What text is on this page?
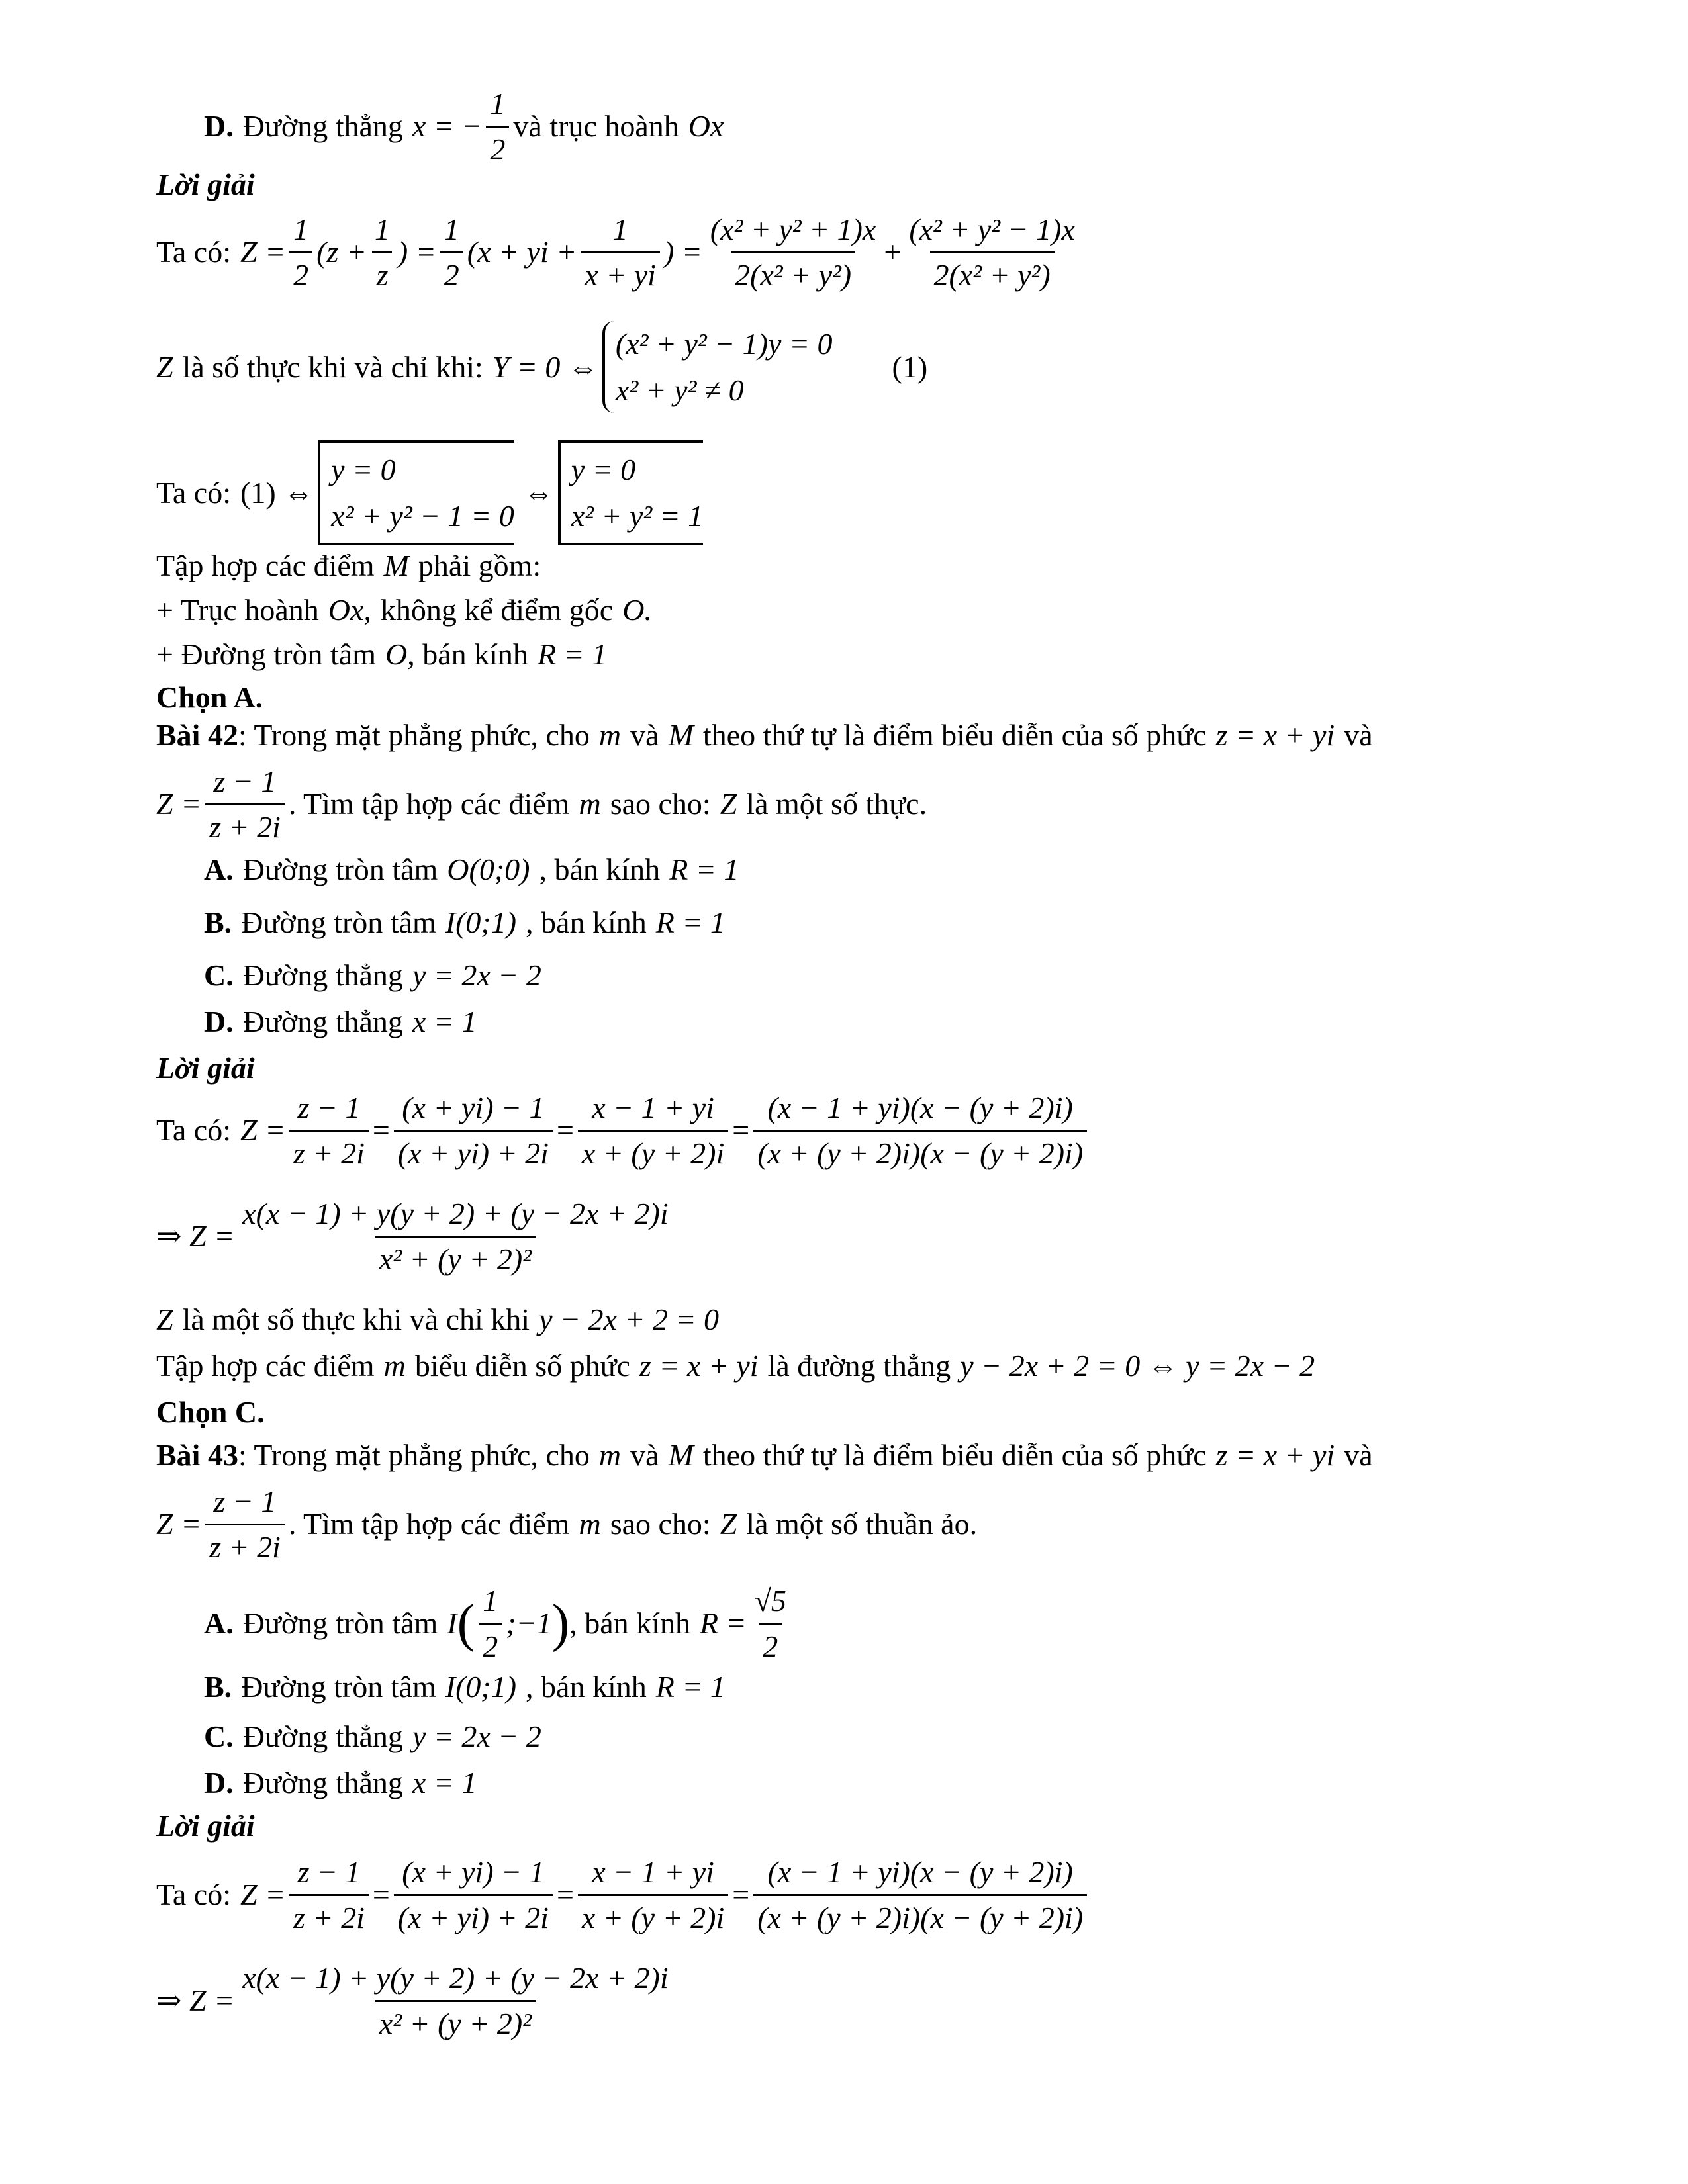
D. Đường thẳng x = − $\frac{1}{2}$ và trục hoành Ox
Lời giải
Ta có: $Z = \frac{1}{2} (z + \frac{1}{z}$ ) = $\frac{1}{2} (x$ + yi + $\frac{1}{x + yi}$ ) = $\frac{\text{(x² + y² + 1)x}}{\text{2(x² + y²)}} + \frac{\text{(x² + y² − 1)x}}{\text{2(x² + y²)}}$
Z là số thực khi và chỉ khi: Y = 0 ⇔
(x² + y² − 1)y = 0
x² + y² ≠ 0
(1)
Ta có: (1) ⇔
y = 0
x² + y² − 1 = 0
⇔
y = 0
x² + y² = 1
Tập hợp các điểm M phải gồm:
+ Trục hoành Ox, không kể điểm gốc O.
+ Đường tròn tâm O , bán kính R = 1
Chọn A.
Bài 42 : Trong mặt phẳng phức, cho m và M theo thứ tự là điểm biểu diễn của số phức z = x + yi và
$Z = \frac{z - 1}{z + 2i}$ . Tìm tập hợp các điểm m sao cho: Z là một số thực.
A. Đường tròn tâm O(0;0) , bán kính R = 1
B. Đường tròn tâm I(0;1) , bán kính R = 1
C. Đường thẳng y = 2x − 2
D. Đường thẳng x = 1
Lời giải
Ta có: $Z = \frac{z - 1}{z + 2i} = \frac{(x + yi) - 1}{(x + yi) + 2i} = \frac{x - 1 + yi}{x + (y + 2)i} = \frac{(x - 1 + yi)(x - (y + 2)i)}{(x + (y + 2)i)(x - (y + 2)i)}$
⇒ $Z = \frac{x(x - 1) + y(y + 2) + (y - 2x + 2)i}{\text{x² + (y + 2)²}}$
Z là một số thực khi và chỉ khi y − 2x + 2 = 0
Tập hợp các điểm m biểu diễn số phức z = x + yi là đường thẳng y − 2x + 2 = 0 ⇔ y = 2x − 2
Chọn C.
Bài 43 : Trong mặt phẳng phức, cho m và M theo thứ tự là điểm biểu diễn của số phức z = x + yi và
$Z = \frac{z - 1}{z + 2i}$ . Tìm tập hợp các điểm m sao cho: Z là một số thuần ảo.
A. Đường tròn tâm I ( $\frac{1}{2}$ ;−1 ) , bán kính $R = \frac{√5}{2}$
B. Đường tròn tâm I(0;1) , bán kính R = 1
C. Đường thẳng y = 2x − 2
D. Đường thẳng x = 1
Lời giải
Ta có: $Z = \frac{z - 1}{z + 2i} = \frac{(x + yi) - 1}{(x + yi) + 2i} = \frac{x - 1 + yi}{x + (y + 2)i} = \frac{(x - 1 + yi)(x - (y + 2)i)}{(x + (y + 2)i)(x - (y + 2)i)}$
⇒ $Z = \frac{x(x - 1) + y(y + 2) + (y - 2x + 2)i}{\text{x² + (y + 2)²}}$
